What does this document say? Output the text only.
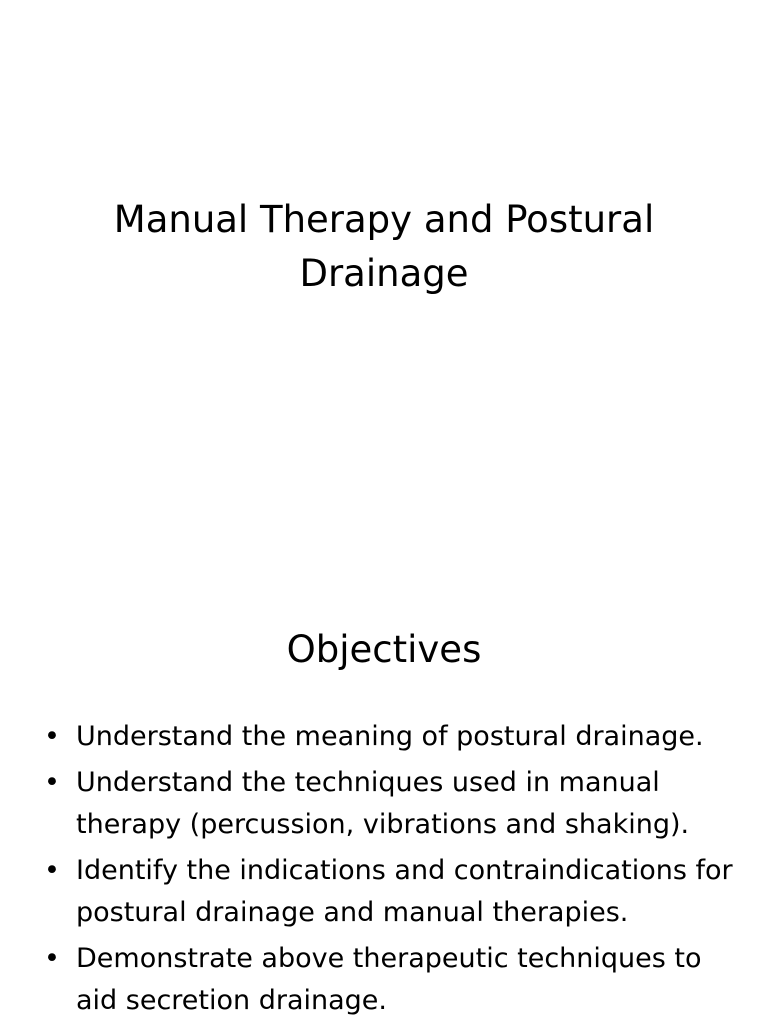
Manual Therapy and Postural Drainage
Objectives
• Understand the meaning of postural drainage.
• Understand the techniques used in manual therapy (percussion, vibrations and shaking).
• Identify the indications and contraindications for postural drainage and manual therapies.
• Demonstrate above therapeutic techniques to aid secretion drainage.
